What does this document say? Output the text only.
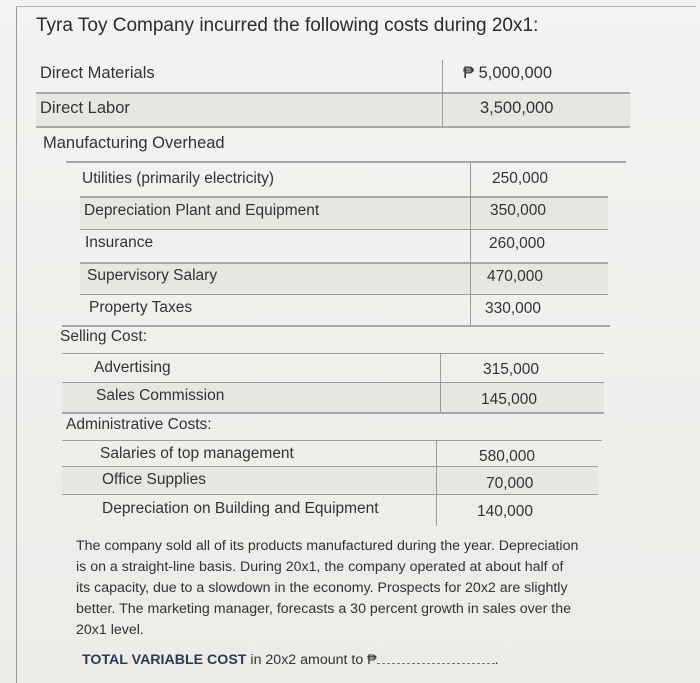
Tyra Toy Company incurred the following costs during 20x1:
Direct Materials	₱ 5,000,000
Direct Labor	3,500,000
Manufacturing Overhead
Utilities (primarily electricity)	250,000
Depreciation Plant and Equipment	350,000
Insurance	260,000
Supervisory Salary	470,000
Property Taxes	330,000
Selling Cost:
Advertising	315,000
Sales Commission	145,000
Administrative Costs:
Salaries of top management	580,000
Office Supplies	70,000
Depreciation on Building and Equipment	140,000
The company sold all of its products manufactured during the year. Depreciation
is on a straight-line basis. During 20x1, the company operated at about half of
its capacity, due to a slowdown in the economy. Prospects for 20x2 are slightly
better. The marketing manager, forecasts a 30 percent growth in sales over the
20x1 level.
TOTAL VARIABLE COST in 20x2 amount to ₱	.
